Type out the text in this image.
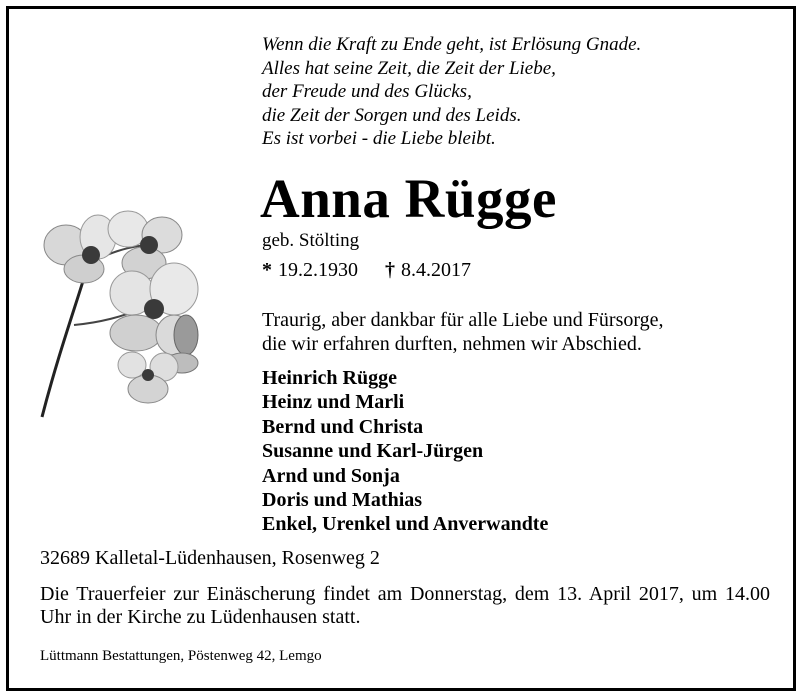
Wenn die Kraft zu Ende geht, ist Erlösung Gnade.
Alles hat seine Zeit, die Zeit der Liebe,
der Freude und des Glücks,
die Zeit der Sorgen und des Leids.
Es ist vorbei - die Liebe bleibt.
Anna Rügge
geb. Stölting
* 19.2.1930 † 8.4.2017
Traurig, aber dankbar für alle Liebe und Fürsorge,
die wir erfahren durften, nehmen wir Abschied.
Heinrich Rügge
Heinz und Marli
Bernd und Christa
Susanne und Karl-Jürgen
Arnd und Sonja
Doris und Mathias
Enkel, Urenkel und Anverwandte
32689 Kalletal-Lüdenhausen, Rosenweg 2
Die Trauerfeier zur Einäscherung findet am Donnerstag, dem 13. April 2017, um 14.00 Uhr in der Kirche zu Lüdenhausen statt.
Lüttmann Bestattungen, Pöstenweg 42, Lemgo
